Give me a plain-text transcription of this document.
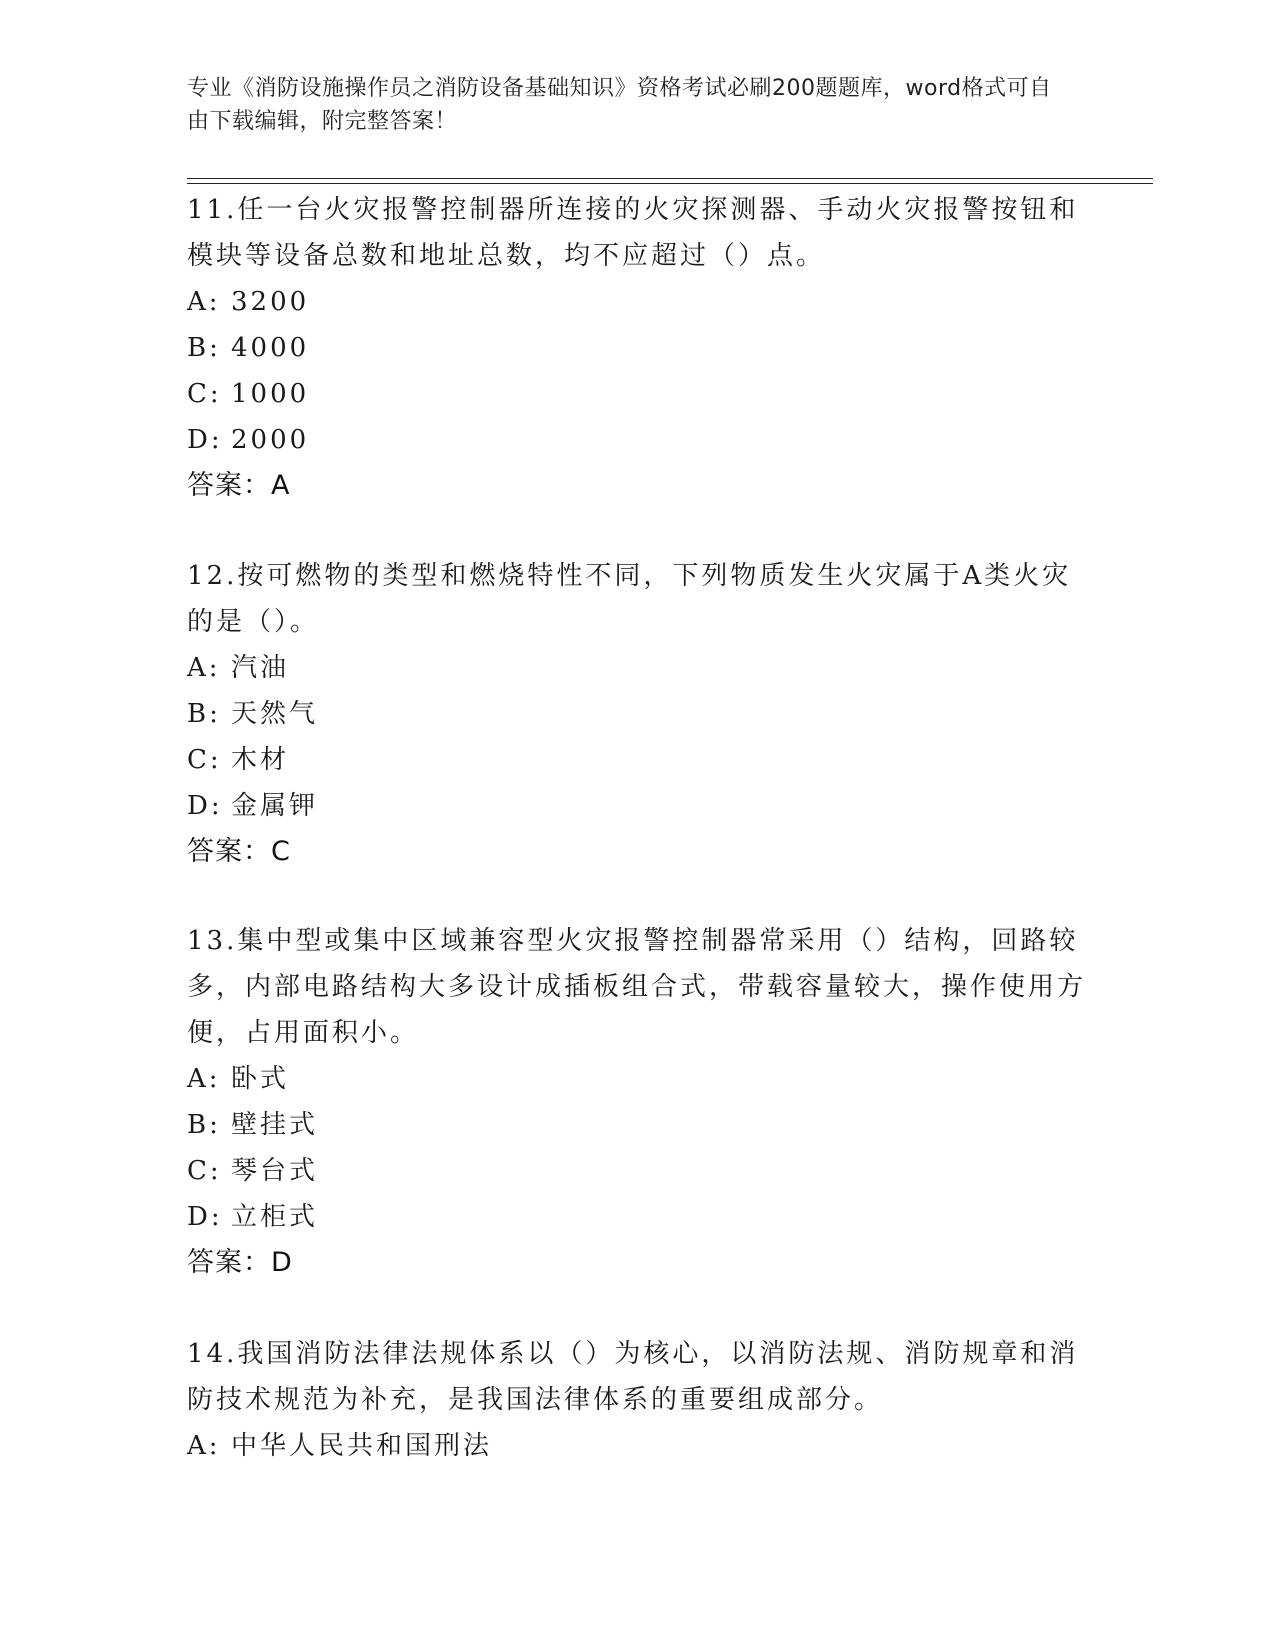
专业《消防设施操作员之消防设备基础知识》资格考试必刷200题题库，word格式可自由下载编辑，附完整答案！

11.任一台火灾报警控制器所连接的火灾探测器、手动火灾报警按钮和模块等设备总数和地址总数，均不应超过（）点。

A: 3200
B: 4000
C: 1000
D: 2000

答案：A

12.按可燃物的类型和燃烧特性不同，下列物质发生火灾属于A类火灾的是（）。

A: 汽油
B: 天然气
C: 木材
D: 金属钾

答案：C

13.集中型或集中区域兼容型火灾报警控制器常采用（）结构，回路较多，内部电路结构大多设计成插板组合式，带载容量较大，操作使用方便，占用面积小。

A: 卧式
B: 壁挂式
C: 琴台式
D: 立柜式

答案：D

14.我国消防法律法规体系以（）为核心，以消防法规、消防规章和消防技术规范为补充，是我国法律体系的重要组成部分。

A: 中华人民共和国刑法
